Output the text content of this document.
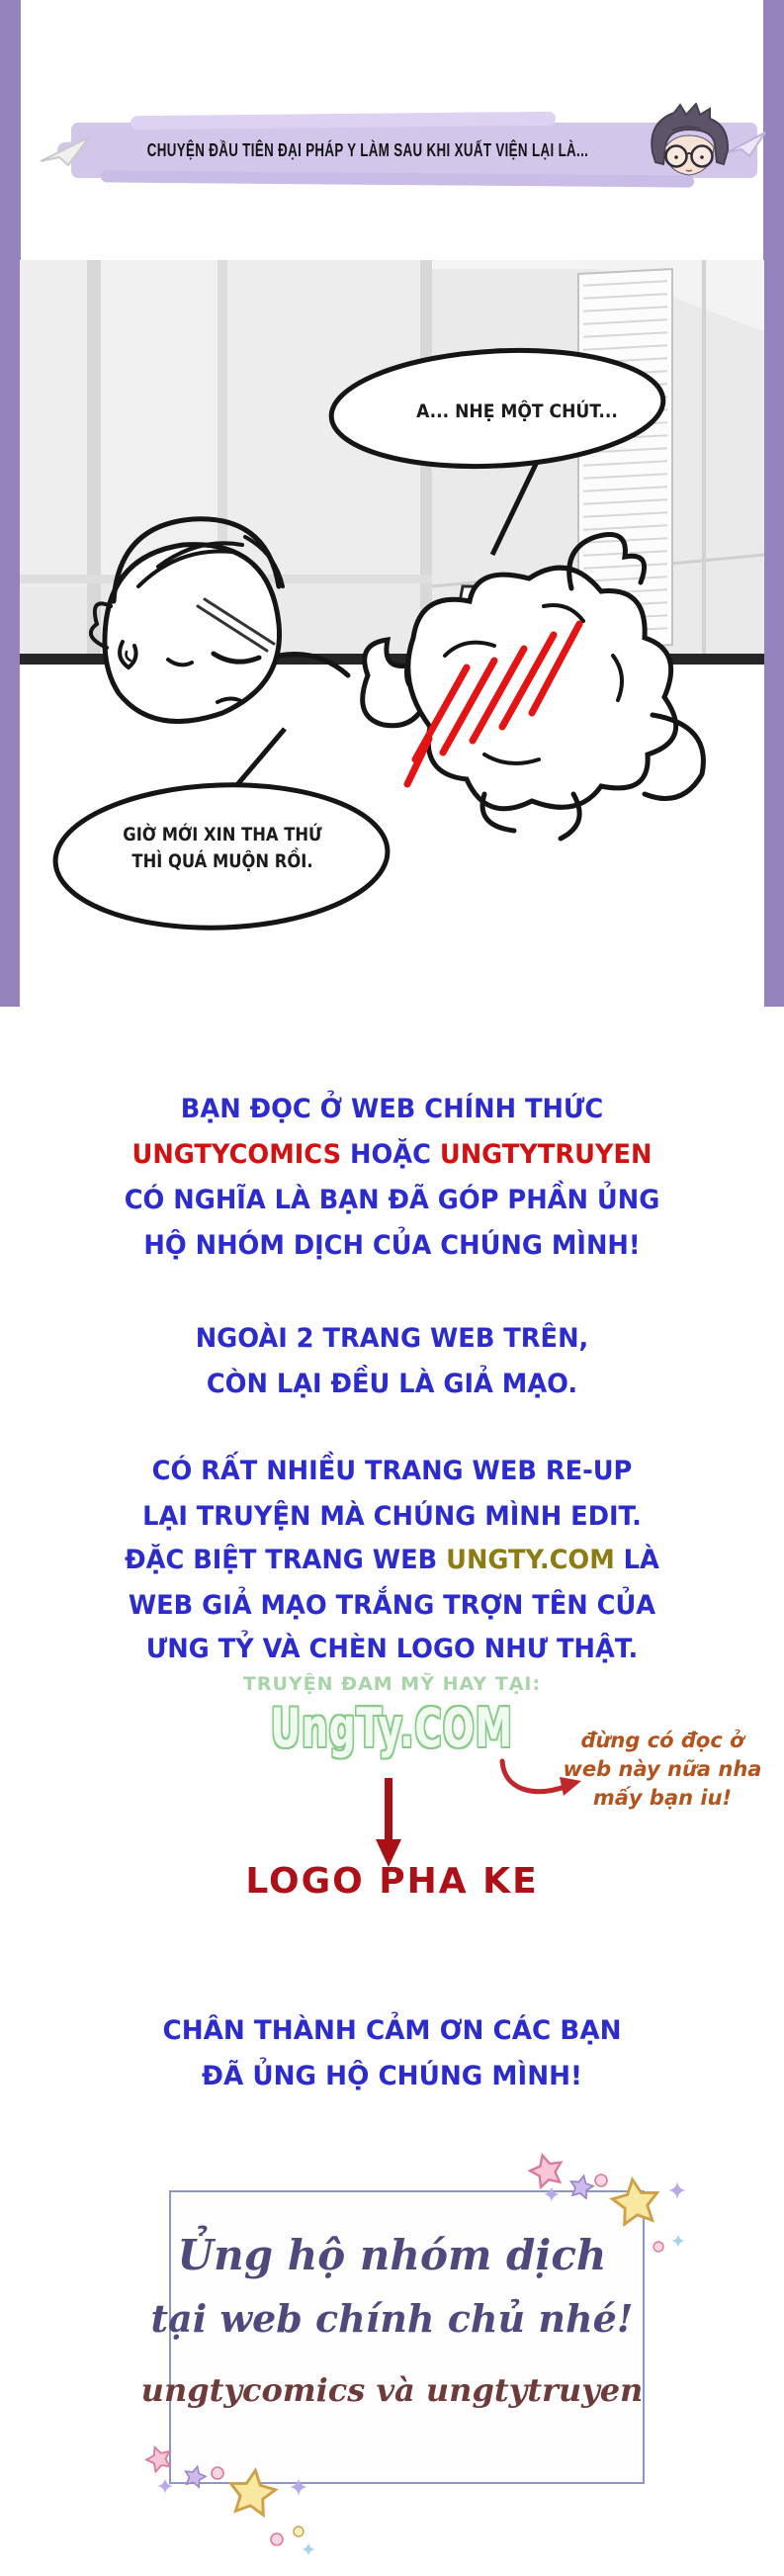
CHUYỆN ĐẦU TIÊN ĐẠI PHÁP Y LÀM SAU KHI XUẤT VIỆN LẠI LÀ...
A... NHẸ MỘT CHÚT...
GIỜ MỚI XIN THA THỨ
THÌ QUÁ MUỘN RỒI.
BẠN ĐỌC Ở WEB CHÍNH THỨC
UNGTYCOMICS HOẶC UNGTYTRUYEN
CÓ NGHĨA LÀ BẠN ĐÃ GÓP PHẦN ỦNG
HỘ NHÓM DỊCH CỦA CHÚNG MÌNH!
NGOÀI 2 TRANG WEB TRÊN,
CÒN LẠI ĐỀU LÀ GIẢ MẠO.
CÓ RẤT NHIỀU TRANG WEB RE-UP
LẠI TRUYỆN MÀ CHÚNG MÌNH EDIT.
ĐẶC BIỆT TRANG WEB UNGTY.COM LÀ
WEB GIẢ MẠO TRẮNG TRỢN TÊN CỦA
ƯNG TỶ VÀ CHÈN LOGO NHƯ THẬT.
TRUYỆN ĐAM MỸ HAY TẠI:
UngTy.COM	đừng có đọc ở
web này nữa nha
mấy bạn iu!
LOGO PHA KE
CHÂN THÀNH CẢM ƠN CÁC BẠN
ĐÃ ỦNG HỘ CHÚNG MÌNH!
Ủng hộ nhóm dịch
tại web chính chủ nhé!
ungtycomics và ungtytruyen
